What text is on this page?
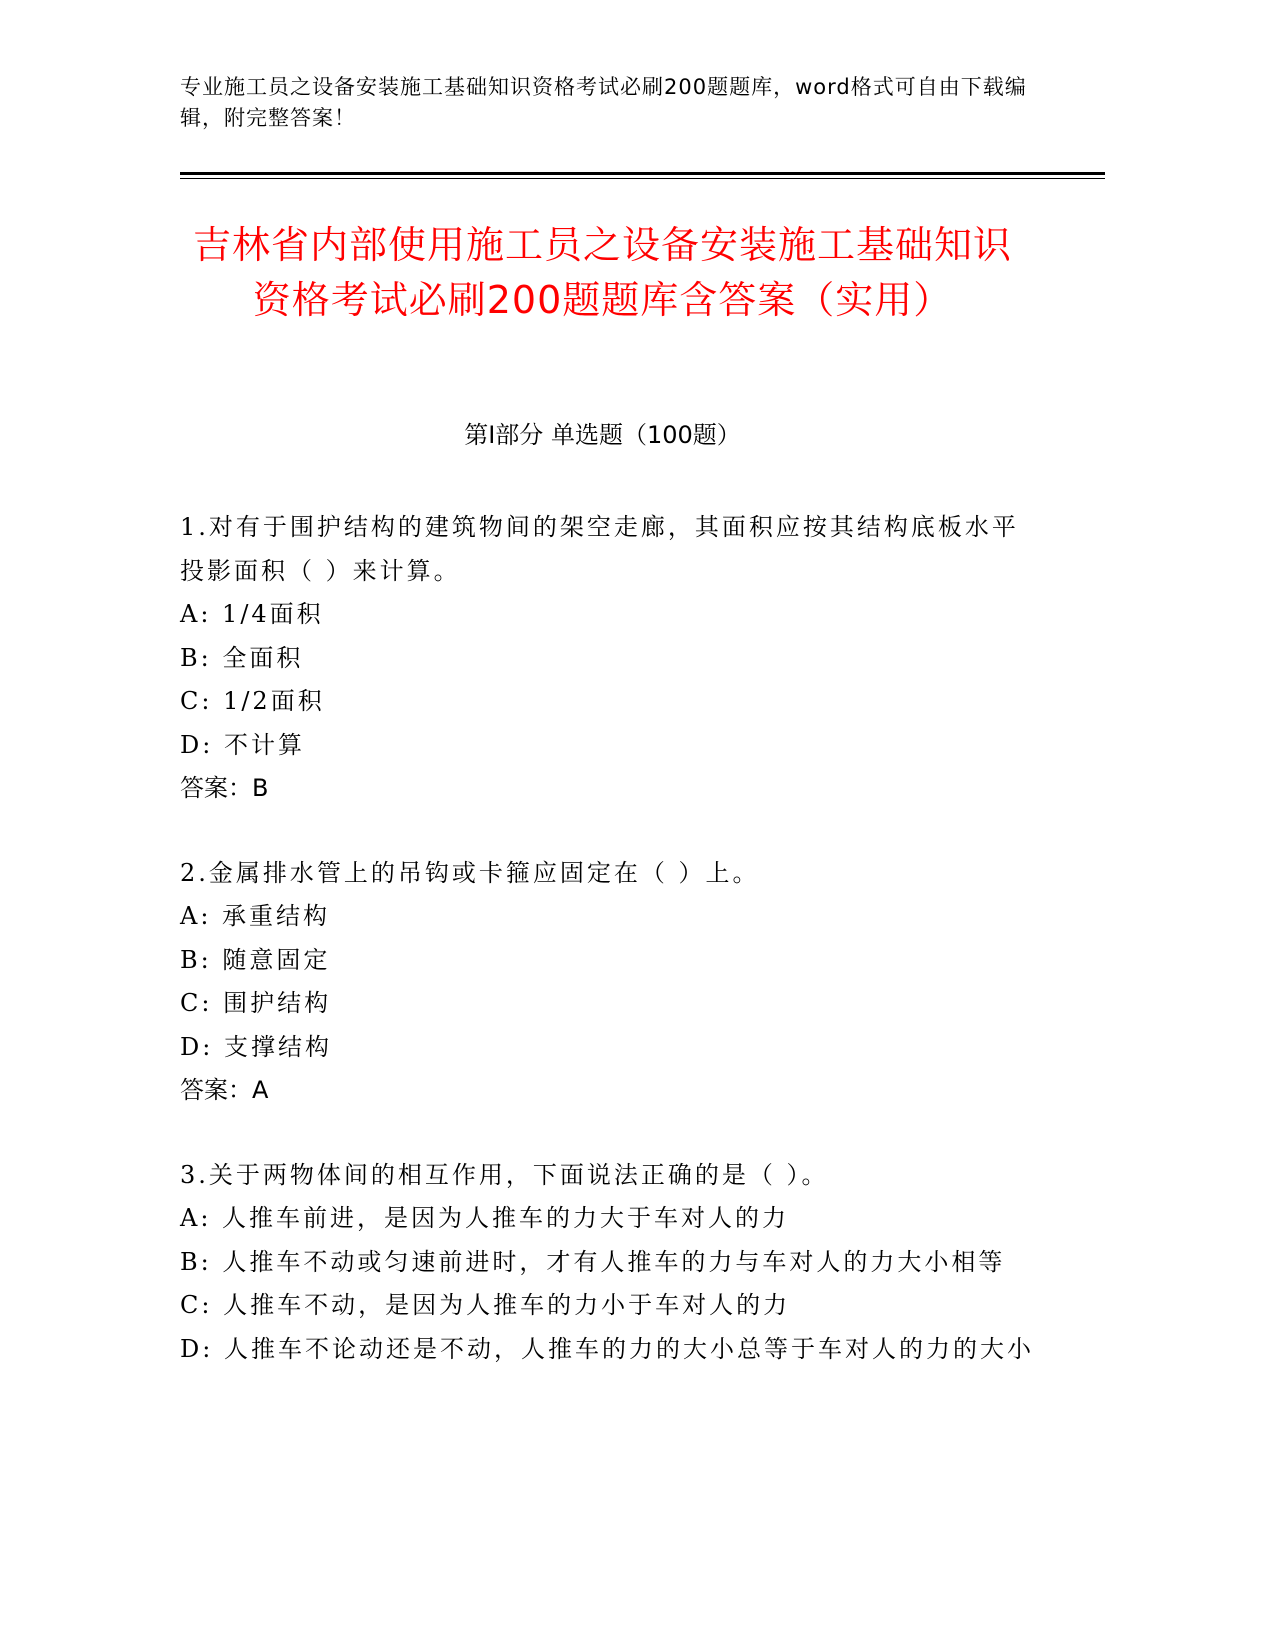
专业施工员之设备安装施工基础知识资格考试必刷200题题库，word格式可自由下载编辑，附完整答案！
吉林省内部使用施工员之设备安装施工基础知识资格考试必刷200题题库含答案（实用）
第Ⅰ部分 单选题（100题）
1.对有于围护结构的建筑物间的架空走廊，其面积应按其结构底板水平投影面积（ ）来计算。
A: 1/4面积
B: 全面积
C: 1/2面积
D: 不计算
答案：B
2.金属排水管上的吊钩或卡箍应固定在（ ）上。
A: 承重结构
B: 随意固定
C: 围护结构
D: 支撑结构
答案：A
3.关于两物体间的相互作用，下面说法正确的是（ ）。
A: 人推车前进，是因为人推车的力大于车对人的力
B: 人推车不动或匀速前进时，才有人推车的力与车对人的力大小相等
C: 人推车不动，是因为人推车的力小于车对人的力
D: 人推车不论动还是不动，人推车的力的大小总等于车对人的力的大小
